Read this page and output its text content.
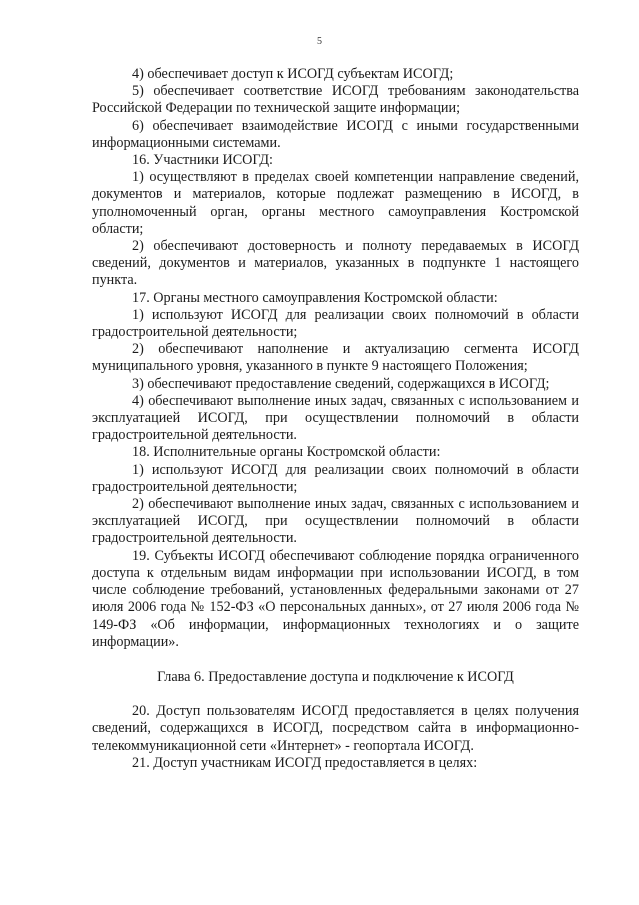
5

4) обеспечивает доступ к ИСОГД субъектам ИСОГД;

5) обеспечивает соответствие ИСОГД требованиям законодательства Российской Федерации по технической защите информации;

6) обеспечивает взаимодействие ИСОГД с иными государственными информационными системами.

16. Участники ИСОГД:

1) осуществляют в пределах своей компетенции направление сведений, документов и материалов, которые подлежат размещению в ИСОГД, в уполномоченный орган, органы местного самоуправления Костромской области;

2) обеспечивают достоверность и полноту передаваемых в ИСОГД сведений, документов и материалов, указанных в подпункте 1 настоящего пункта.

17. Органы местного самоуправления Костромской области:

1) используют ИСОГД для реализации своих полномочий в области градостроительной деятельности;

2) обеспечивают наполнение и актуализацию сегмента ИСОГД муниципального уровня, указанного в пункте 9 настоящего Положения;

3) обеспечивают предоставление сведений, содержащихся в ИСОГД;

4) обеспечивают выполнение иных задач, связанных с использованием и эксплуатацией ИСОГД, при осуществлении полномочий в области градостроительной деятельности.

18. Исполнительные органы Костромской области:

1) используют ИСОГД для реализации своих полномочий в области градостроительной деятельности;

2) обеспечивают выполнение иных задач, связанных с использованием и эксплуатацией ИСОГД, при осуществлении полномочий в области градостроительной деятельности.

19. Субъекты ИСОГД обеспечивают соблюдение порядка ограниченного доступа к отдельным видам информации при использовании ИСОГД, в том числе соблюдение требований, установленных федеральными законами от 27 июля 2006 года № 152-ФЗ «О персональных данных», от 27 июля 2006 года № 149-ФЗ «Об информации, информационных технологиях и о защите информации».

Глава 6. Предоставление доступа и подключение к ИСОГД

20. Доступ пользователям ИСОГД предоставляется в целях получения сведений, содержащихся в ИСОГД, посредством сайта в информационно-телекоммуникационной сети «Интернет» - геопортала ИСОГД.

21. Доступ участникам ИСОГД предоставляется в целях:
